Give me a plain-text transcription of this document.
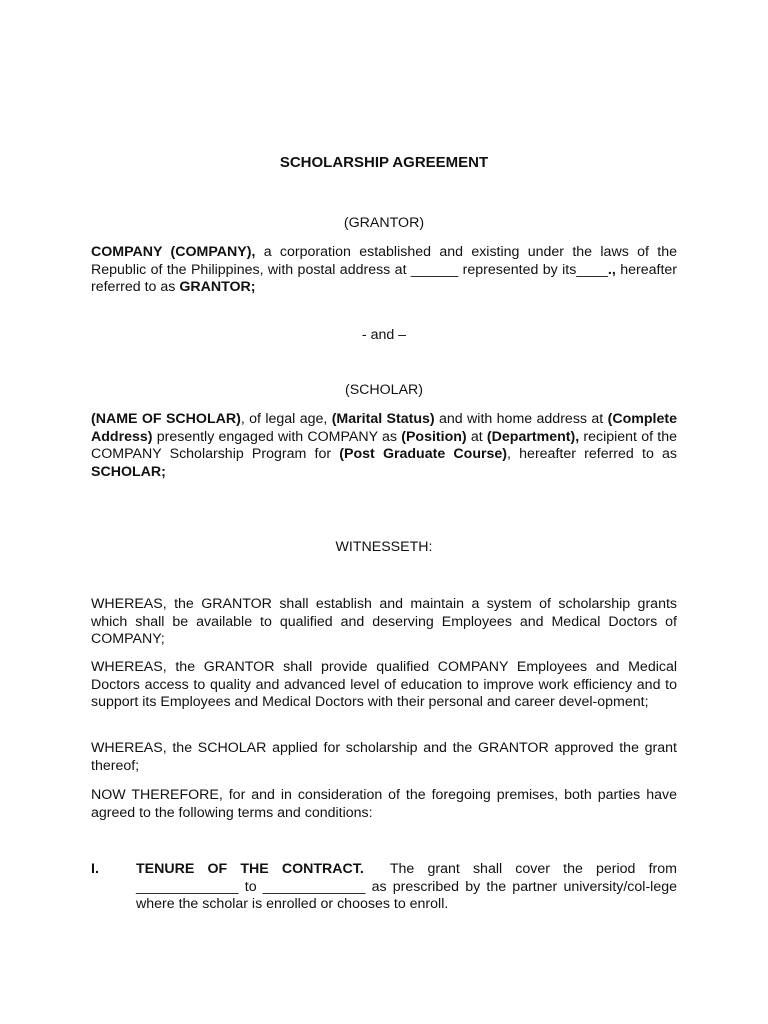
SCHOLARSHIP AGREEMENT
(GRANTOR)

COMPANY (COMPANY), a corporation established and existing under the laws of the Republic of the Philippines, with postal address at ______ represented by its____., hereafter referred to as GRANTOR;

- and –
(SCHOLAR)

(NAME OF SCHOLAR), of legal age, (Marital Status) and with home address at (Complete Address) presently engaged with COMPANY as (Position) at (Department), recipient of the COMPANY Scholarship Program for (Post Graduate Course), hereafter referred to as SCHOLAR;

WITNESSETH:

WHEREAS, the GRANTOR shall establish and maintain a system of scholarship grants which shall be available to qualified and deserving Employees and Medical Doctors of COMPANY;

WHEREAS, the GRANTOR shall provide qualified COMPANY Employees and Medical Doctors access to quality and advanced level of education to improve work efficiency and to support its Employees and Medical Doctors with their personal and career devel-opment;

WHEREAS, the SCHOLAR applied for scholarship and the GRANTOR approved the grant thereof;

NOW THEREFORE, for and in consideration of the foregoing premises, both parties have agreed to the following terms and conditions:

I.	TENURE OF THE CONTRACT.  The grant shall cover the period from _____________ to _____________ as prescribed by the partner university/col-lege where the scholar is enrolled or chooses to enroll.
